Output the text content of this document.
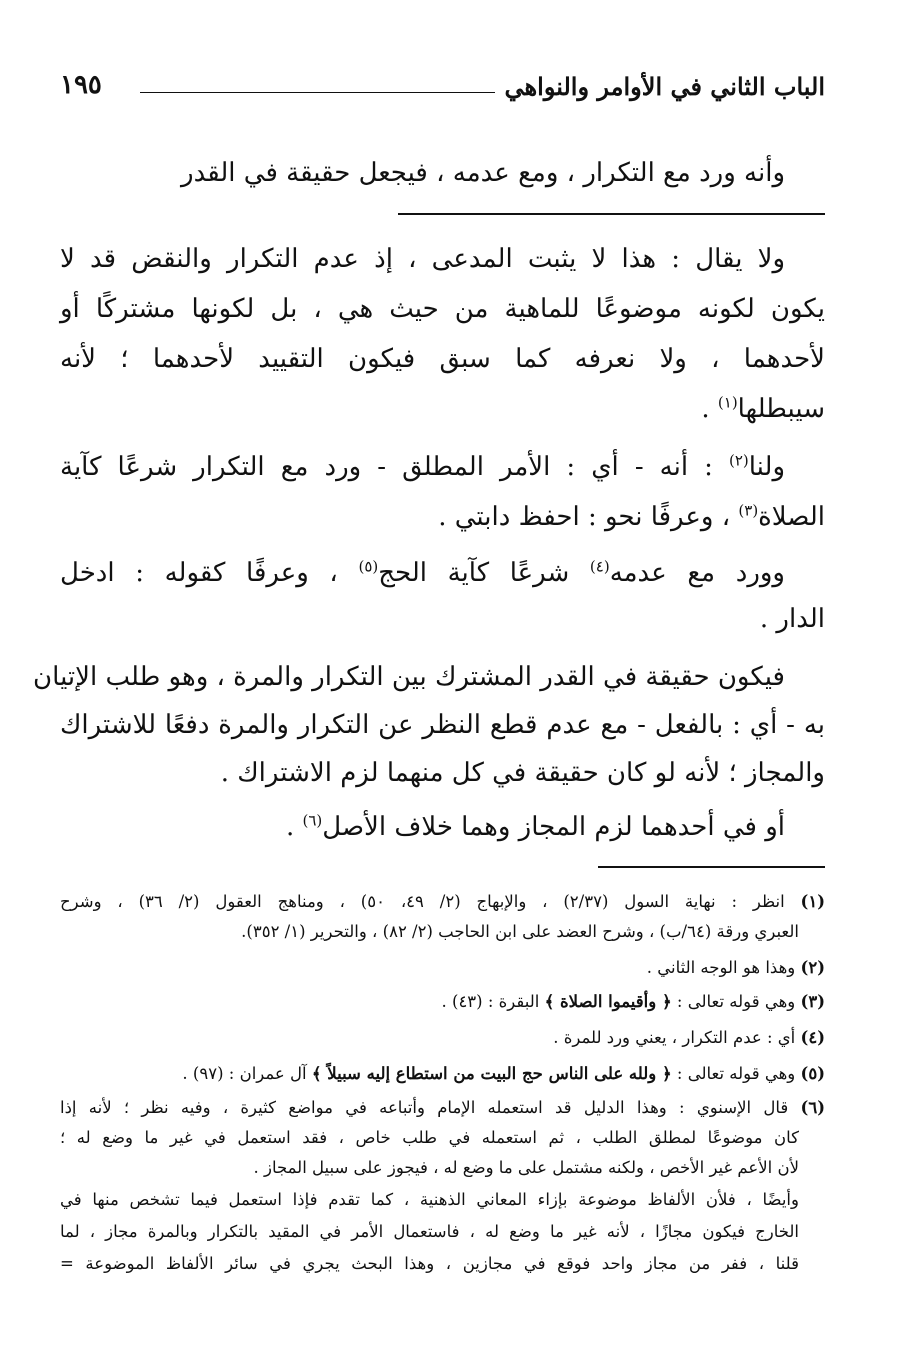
الباب الثاني في الأوامر والنواهي
١٩٥
وأنه ورد مع التكرار ، ومع عدمه ، فيجعل حقيقة في القدر
ولا يقال : هذا لا يثبت المدعى ، إذ عدم التكرار والنقض قد لا
يكون لكونه موضوعًا للماهية من حيث هي ، بل لكونها مشتركًا أو
لأحدهما ، ولا نعرفه كما سبق فيكون التقييد لأحدهما ؛ لأنه
سيبطلها$^{(١)}$ .
ولنا$^{(٢)}$ : أنه - أي : الأمر المطلق - ورد مع التكرار شرعًا كآية
الصلاة$^{(٣)}$ ، وعرفًا نحو : احفظ دابتي .
وورد مع عدمه$^{(٤)}$ شرعًا كآية الحج$^{(٥)}$ ، وعرفًا كقوله : ادخل
الدار .
فيكون حقيقة في القدر المشترك بين التكرار والمرة ، وهو طلب الإتيان
به - أي : بالفعل - مع عدم قطع النظر عن التكرار والمرة دفعًا للاشتراك
والمجاز ؛ لأنه لو كان حقيقة في كل منهما لزم الاشتراك .
أو في أحدهما لزم المجاز وهما خلاف الأصل$^{(٦)}$ .
(١) انظر : نهاية السول (٢/٣٧) ، والإبهاج (٢/ ٤٩، ٥٠) ، ومناهج العقول (٢/ ٣٦) ، وشرح
العبري ورقة (٦٤/ب) ، وشرح العضد على ابن الحاجب (٢/ ٨٢) ، والتحرير (١/ ٣٥٢).
(٢) وهذا هو الوجه الثاني .
(٣) وهي قوله تعالى : ﴿ وأقيموا الصلاة ﴾ البقرة : (٤٣) .
(٤) أي : عدم التكرار ، يعني ورد للمرة .
(٥) وهي قوله تعالى : ﴿ ولله على الناس حج البيت من استطاع إليه سبيلاً ﴾ آل عمران : (٩٧) .
(٦) قال الإسنوي : وهذا الدليل قد استعمله الإمام وأتباعه في مواضع كثيرة ، وفيه نظر ؛ لأنه إذا
كان موضوعًا لمطلق الطلب ، ثم استعمله في طلب خاص ، فقد استعمل في غير ما وضع له ؛
لأن الأعم غير الأخص ، ولكنه مشتمل على ما وضع له ، فيجوز على سبيل المجاز .
وأيضًا ، فلأن الألفاظ موضوعة بإزاء المعاني الذهنية ، كما تقدم فإذا استعمل فيما تشخص منها في
الخارج فيكون مجازًا ، لأنه غير ما وضع له ، فاستعمال الأمر في المقيد بالتكرار وبالمرة مجاز ، لما
قلنا ، ففر من مجاز واحد فوقع في مجازين ، وهذا البحث يجري في سائر الألفاظ الموضوعة =
